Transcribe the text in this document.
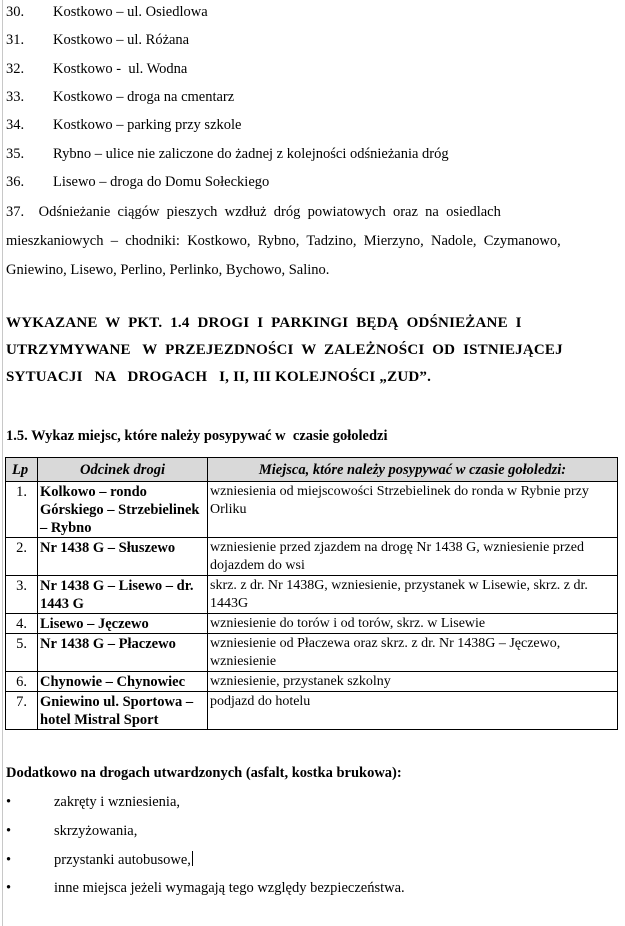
30. Kostkowo – ul. Osiedlowa
31. Kostkowo – ul. Różana
32. Kostkowo -  ul. Wodna
33. Kostkowo – droga na cmentarz
34. Kostkowo – parking przy szkole
35. Rybno – ulice nie zaliczone do żadnej z kolejności odśnieżania dróg
36. Lisewo – droga do Domu Sołeckiego
37.    Odśnieżanie  ciągów  pieszych  wzdłuż  dróg  powiatowych  oraz  na  osiedlach
mieszkaniowych  –  chodniki:  Kostkowo,  Rybno,  Tadzino,  Mierzyno,  Nadole,  Czymanowo,
Gniewino, Lisewo, Perlino, Perlinko, Bychowo, Salino.
WYKAZANE  W  PKT.  1.4  DROGI  I  PARKINGI  BĘDĄ  ODŚNIEŻANE  I
UTRZYMYWANE   W  PRZEJEZDNOŚCI  W  ZALEŻNOŚCI  OD  ISTNIEJĄCEJ
SYTUACJI   NA   DROGACH   I, II, III KOLEJNOŚCI „ZUD”.
1.5. Wykaz miejsc, które należy posypywać w  czasie gołoledzi
Lp	Odcinek drogi	Miejsca, które należy posypywać w czasie gołoledzi:
1.	Kolkowo – rondo Górskiego – Strzebielinek – Rybno	wzniesienia od miejscowości Strzebielinek do ronda w Rybnie przy Orliku
2.	Nr 1438 G – Słuszewo	wzniesienie przed zjazdem na drogę Nr 1438 G, wzniesienie przed dojazdem do wsi
3.	Nr 1438 G – Lisewo – dr. 1443 G	skrz. z dr. Nr 1438G, wzniesienie, przystanek w Lisewie, skrz. z dr. 1443G
4.	Lisewo – Jęczewo	wzniesienie do torów i od torów, skrz. w Lisewie
5.	Nr 1438 G – Płaczewo	wzniesienie od Płaczewa oraz skrz. z dr. Nr 1438G – Jęczewo, wzniesienie
6.	Chynowie – Chynowiec	wzniesienie, przystanek szkolny
7.	Gniewino ul. Sportowa – hotel Mistral Sport	podjazd do hotelu
Dodatkowo na drogach utwardzonych (asfalt, kostka brukowa):
•	zakręty i wzniesienia,
•	skrzyżowania,
•	przystanki autobusowe,
•	inne miejsca jeżeli wymagają tego względy bezpieczeństwa.
